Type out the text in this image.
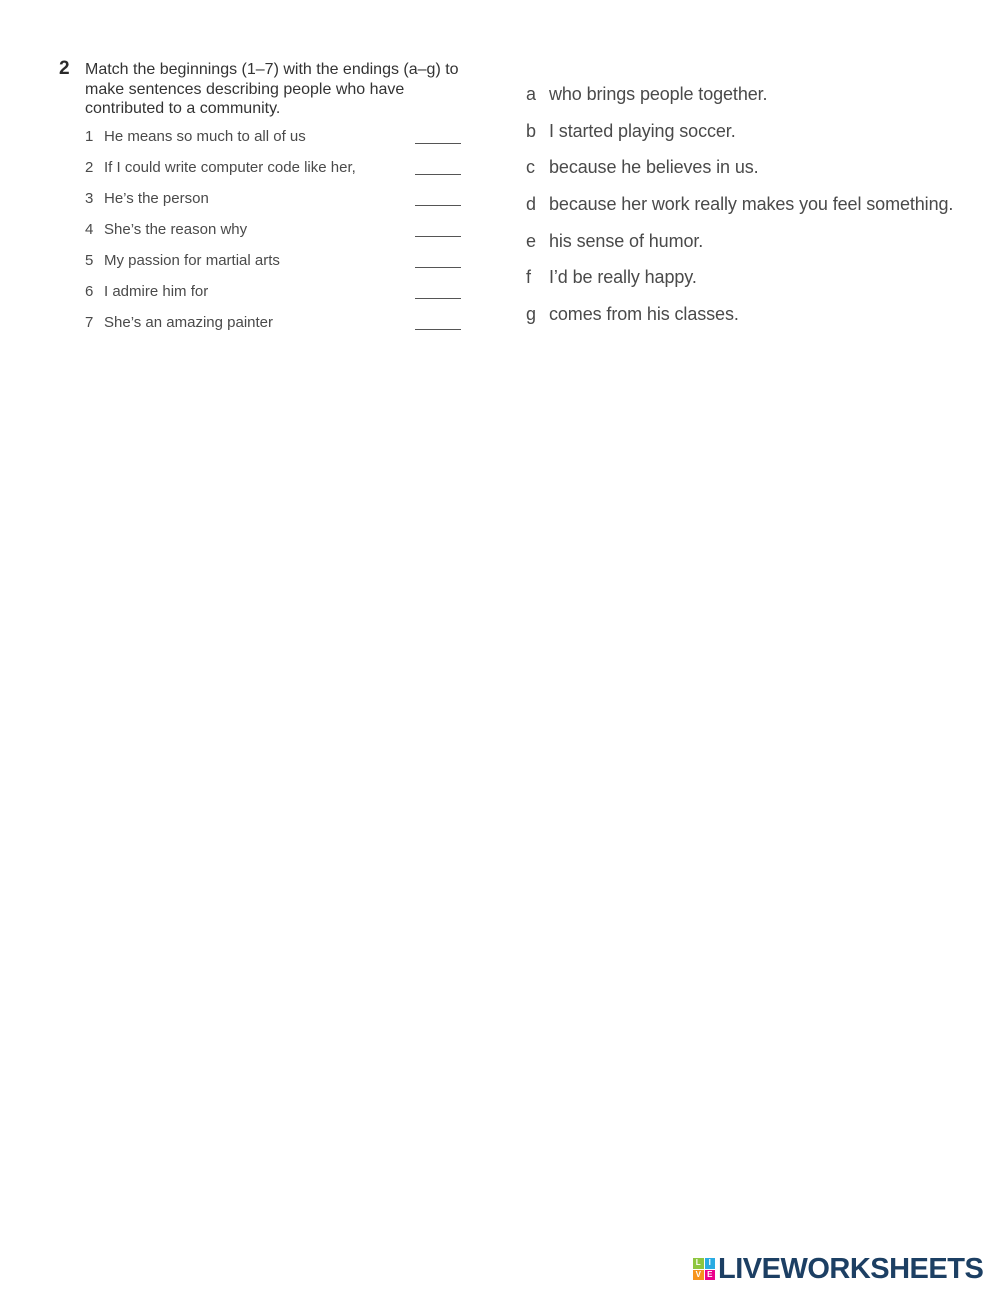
2 Match the beginnings (1–7) with the endings (a–g) to make sentences describing people who have contributed to a community.
1 He means so much to all of us
2 If I could write computer code like her,
3 He’s the person
4 She’s the reason why
5 My passion for martial arts
6 I admire him for
7 She’s an amazing painter
a who brings people together.
b I started playing soccer.
c because he believes in us.
d because her work really makes you feel something.
e his sense of humor.
f I’d be really happy.
g comes from his classes.
L I
V E LIVEWORKSHEETS
